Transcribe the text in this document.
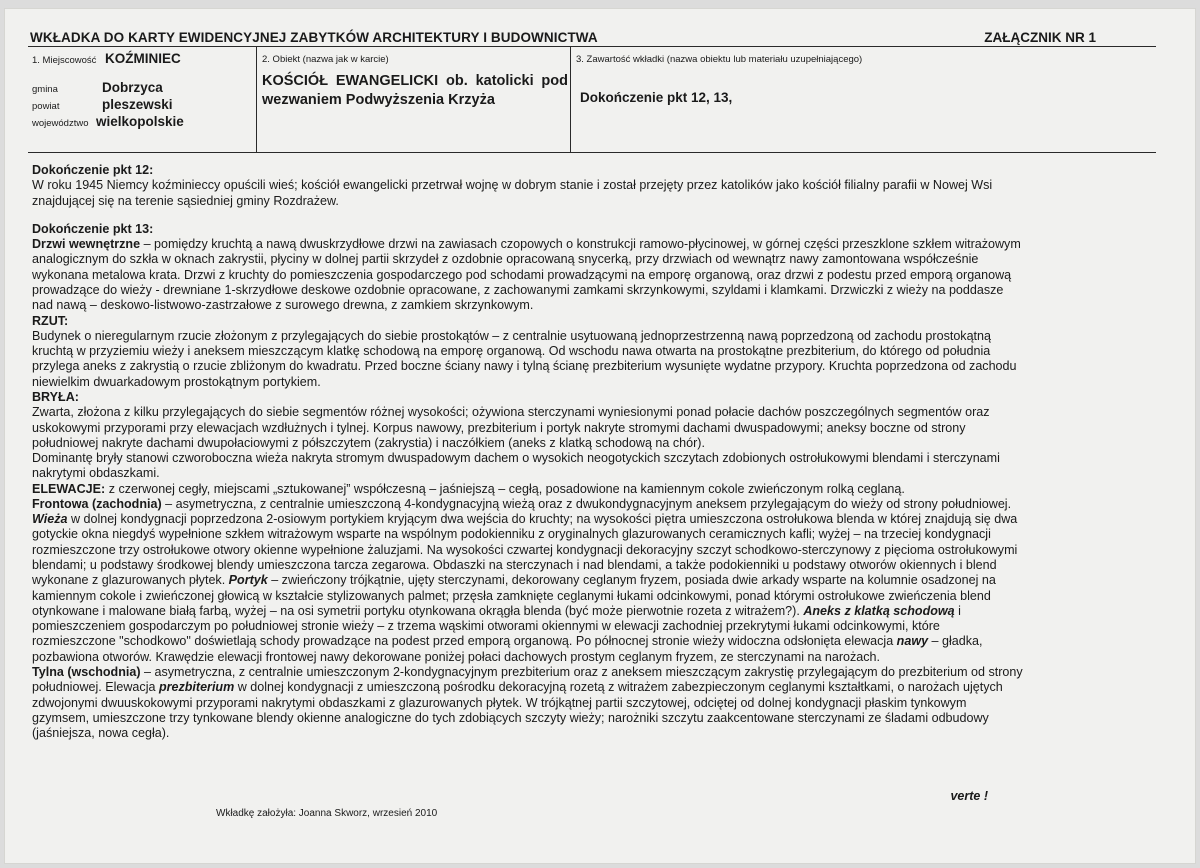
WKŁADKA DO KARTY EWIDENCYJNEJ ZABYTKÓW ARCHITEKTURY I BUDOWNICTWA	ZAŁĄCZNIK NR 1
1. Miejscowość KOŹMINIEC
gmina	Dobrzyca
powiat	pleszewski
województwo wielkopolskie
2. Obiekt (nazwa jak w karcie)
KOŚCIÓŁ EWANGELICKI ob. katolicki pod wezwaniem Podwyższenia Krzyża
3. Zawartość wkładki (nazwa obiektu lub materiału uzupełniającego)
Dokończenie pkt 12, 13,

Dokończenie pkt 12:

W roku 1945 Niemcy koźminieccy opuścili wieś; kościół ewangelicki przetrwał wojnę w dobrym stanie i został przejęty przez katolików jako kościół filialny parafii w Nowej Wsi

znajdującej się na terenie sąsiedniej gminy Rozdrażew.

Dokończenie pkt 13:

Drzwi wewnętrzne – pomiędzy kruchtą a nawą dwuskrzydłowe drzwi na zawiasach czopowych o konstrukcji ramowo-płycinowej, w górnej części przeszklone szkłem witrażowym

analogicznym do szkła w oknach zakrystii, płyciny w dolnej partii skrzydeł z ozdobnie opracowaną snycerką, przy drzwiach od wewnątrz nawy zamontowana współcześnie

wykonana metalowa krata. Drzwi z kruchty do pomieszczenia gospodarczego pod schodami prowadzącymi na emporę organową, oraz drzwi z podestu przed emporą organową

prowadzące do wieży - drewniane 1-skrzydłowe deskowe ozdobnie opracowane, z zachowanymi zamkami skrzynkowymi, szyldami i klamkami. Drzwiczki z wieży na poddasze

nad nawą – deskowo-listwowo-zastrzałowe z surowego drewna, z zamkiem skrzynkowym.

RZUT:

Budynek o nieregularnym rzucie złożonym z przylegających do siebie prostokątów – z centralnie usytuowaną jednoprzestrzenną nawą poprzedzoną od zachodu prostokątną

kruchtą w przyziemiu wieży i aneksem mieszczącym klatkę schodową na emporę organową. Od wschodu nawa otwarta na prostokątne prezbiterium, do którego od południa

przylega aneks z zakrystią o rzucie zbliżonym do kwadratu. Przed boczne ściany nawy i tylną ścianę prezbiterium wysunięte wydatne przypory. Kruchta poprzedzona od zachodu

niewielkim dwuarkadowym prostokątnym portykiem.

BRYŁA:

Zwarta, złożona z kilku przylegających do siebie segmentów różnej wysokości; ożywiona sterczynami wyniesionymi ponad połacie dachów poszczególnych segmentów oraz

uskokowymi przyporami przy elewacjach wzdłużnych i tylnej. Korpus nawowy, prezbiterium i portyk nakryte stromymi dachami dwuspadowymi; aneksy boczne od strony

południowej nakryte dachami dwupołaciowymi z półszczytem (zakrystia) i naczółkiem (aneks z klatką schodową na chór).

Dominantę bryły stanowi czworoboczna wieża nakryta stromym dwuspadowym dachem o wysokich neogotyckich szczytach zdobionych ostrołukowymi blendami i sterczynami

nakrytymi obdaszkami.

ELEWACJE: z czerwonej cegły, miejscami „sztukowanej” współczesną – jaśniejszą – cegłą, posadowione na kamiennym cokole zwieńczonym rolką ceglaną.

Frontowa (zachodnia) – asymetryczna, z centralnie umieszczoną 4-kondygnacyjną wieżą oraz z dwukondygnacyjnym aneksem przylegającym do wieży od strony południowej.

Wieża w dolnej kondygnacji poprzedzona 2-osiowym portykiem kryjącym dwa wejścia do kruchty; na wysokości piętra umieszczona ostrołukowa blenda w której znajdują się dwa

gotyckie okna niegdyś wypełnione szkłem witrażowym wsparte na wspólnym podokienniku z oryginalnych glazurowanych ceramicznych kafli; wyżej – na trzeciej kondygnacji

rozmieszczone trzy ostrołukowe otwory okienne wypełnione żaluzjami. Na wysokości czwartej kondygnacji dekoracyjny szczyt schodkowo-sterczynowy z pięcioma ostrołukowymi

blendami; u podstawy środkowej blendy umieszczona tarcza zegarowa. Obdaszki na sterczynach i nad blendami, a także podokienniki u podstawy otworów okiennych i blend

wykonane z glazurowanych płytek. Portyk – zwieńczony trójkątnie, ujęty sterczynami, dekorowany ceglanym fryzem, posiada dwie arkady wsparte na kolumnie osadzonej na

kamiennym cokole i zwieńczonej głowicą w kształcie stylizowanych palmet; przęsła zamknięte ceglanymi łukami odcinkowymi, ponad którymi ostrołukowe zwieńczenia blend

otynkowane i malowane białą farbą, wyżej – na osi symetrii portyku otynkowana okrągła blenda (być może pierwotnie rozeta z witrażem?). Aneks z klatką schodową i

pomieszczeniem gospodarczym po południowej stronie wieży – z trzema wąskimi otworami okiennymi w elewacji zachodniej przekrytymi łukami odcinkowymi, które

rozmieszczone "schodkowo" doświetlają schody prowadzące na podest przed emporą organową. Po północnej stronie wieży widoczna odsłonięta elewacja nawy – gładka,

pozbawiona otworów. Krawędzie elewacji frontowej nawy dekorowane poniżej połaci dachowych prostym ceglanym fryzem, ze sterczynami na narożach.

Tylna (wschodnia) – asymetryczna, z centralnie umieszczonym 2-kondygnacyjnym prezbiterium oraz z aneksem mieszczącym zakrystię przylegającym do prezbiterium od strony

południowej. Elewacja prezbiterium w dolnej kondygnacji z umieszczoną pośrodku dekoracyjną rozetą z witrażem zabezpieczonym ceglanymi kształtkami, o narożach ujętych

zdwojonymi dwuuskokowymi przyporami nakrytymi obdaszkami z glazurowanych płytek. W trójkątnej partii szczytowej, odciętej od dolnej kondygnacji płaskim tynkowym

gzymsem, umieszczone trzy tynkowane blendy okienne analogiczne do tych zdobiących szczyty wieży; narożniki szczytu zaakcentowane sterczynami ze śladami odbudowy

(jaśniejsza, nowa cegła).

verte !
Wkładkę założyła: Joanna Skworz, wrzesień 2010
